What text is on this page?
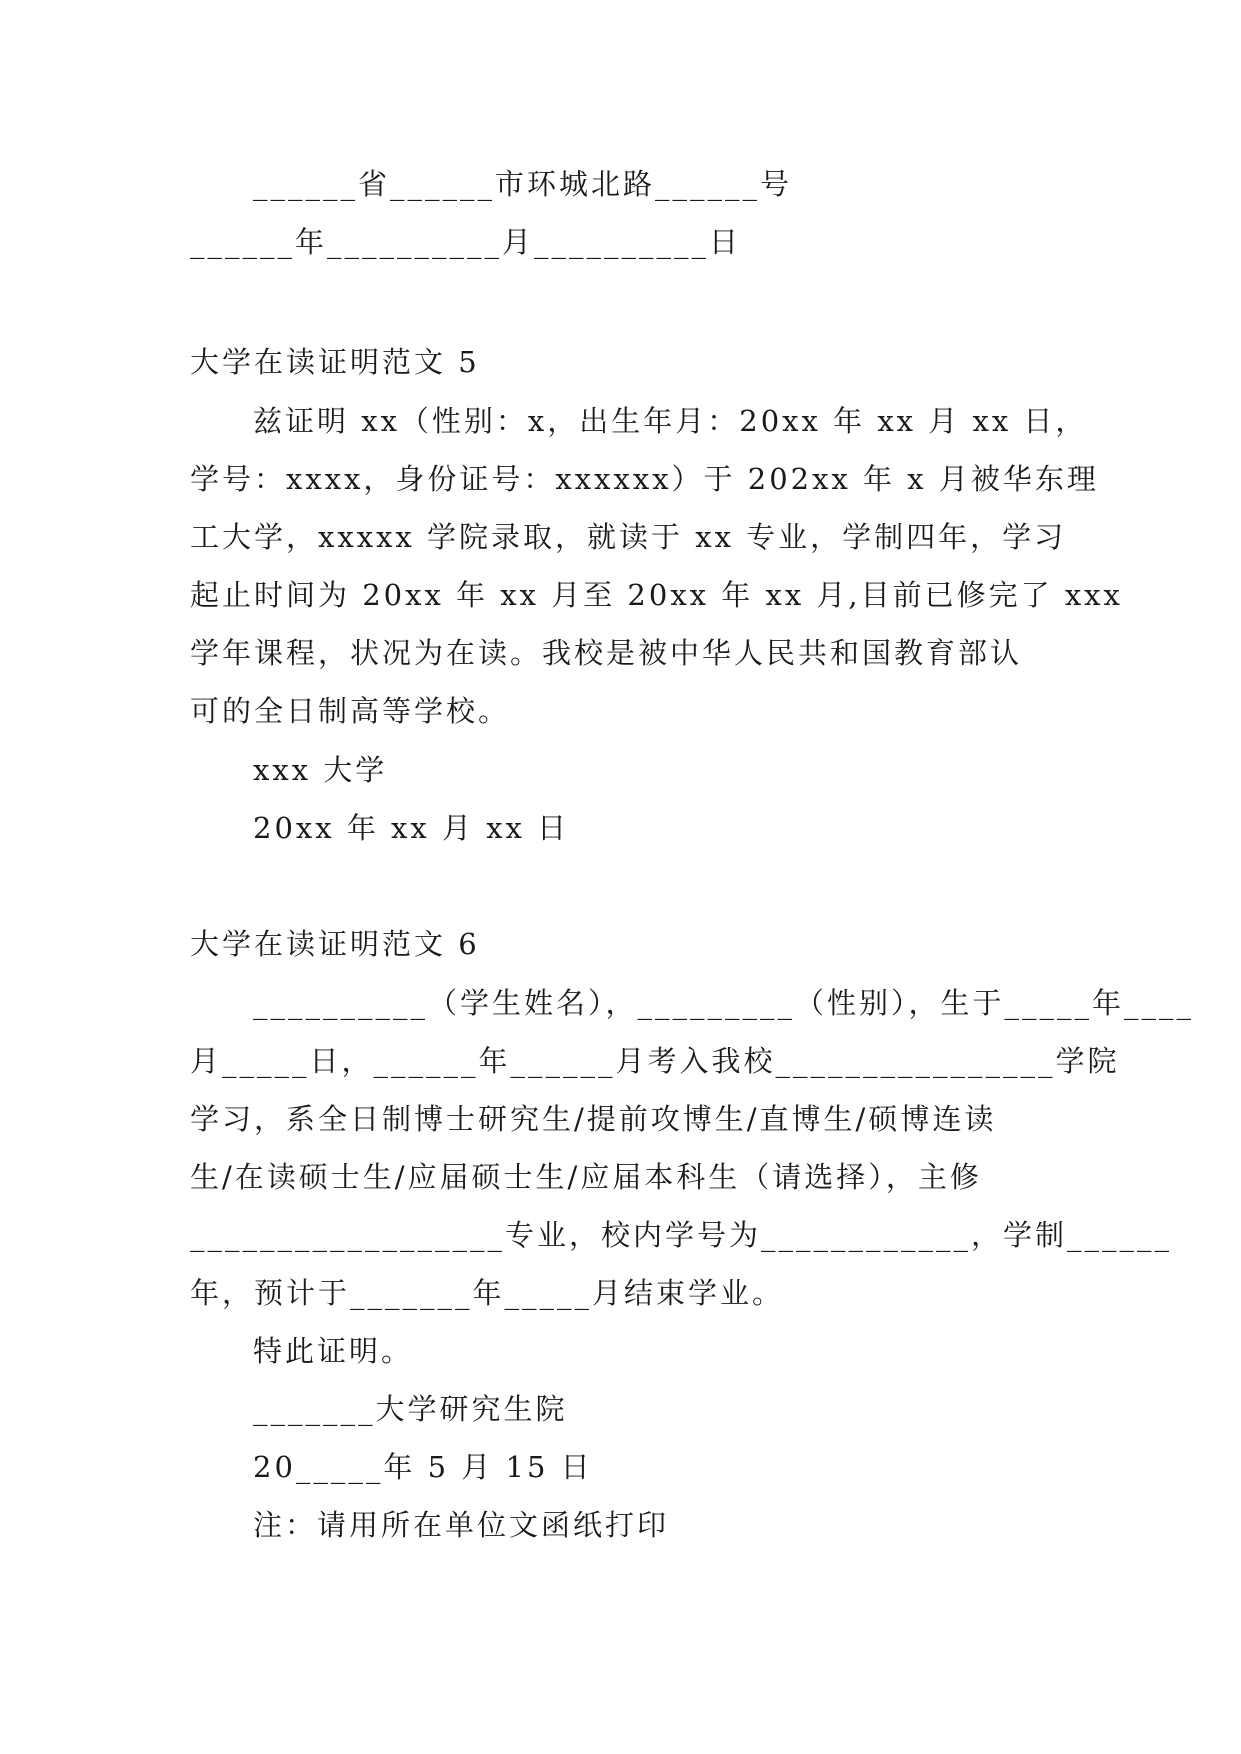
______省______市环城北路______号
______年__________月__________日
大学在读证明范文 5
兹证明 xx（性别：x，出生年月：20xx 年 xx 月 xx 日，
学号：xxxx，身份证号：xxxxxx）于 202xx 年 x 月被华东理
工大学，xxxxx 学院录取，就读于 xx 专业，学制四年，学习
起止时间为 20xx 年 xx 月至 20xx 年 xx 月,目前已修完了 xxx
学年课程，状况为在读。我校是被中华人民共和国教育部认
可的全日制高等学校。
xxx 大学
20xx 年 xx 月 xx 日
大学在读证明范文 6
__________（学生姓名），_________（性别），生于_____年____
月_____日，______年______月考入我校________________学院
学习，系全日制博士研究生/提前攻博生/直博生/硕博连读
生/在读硕士生/应届硕士生/应届本科生（请选择），主修
__________________专业，校内学号为____________，学制______
年，预计于_______年_____月结束学业。
特此证明。
_______大学研究生院
20_____年 5 月 15 日
注：请用所在单位文函纸打印
